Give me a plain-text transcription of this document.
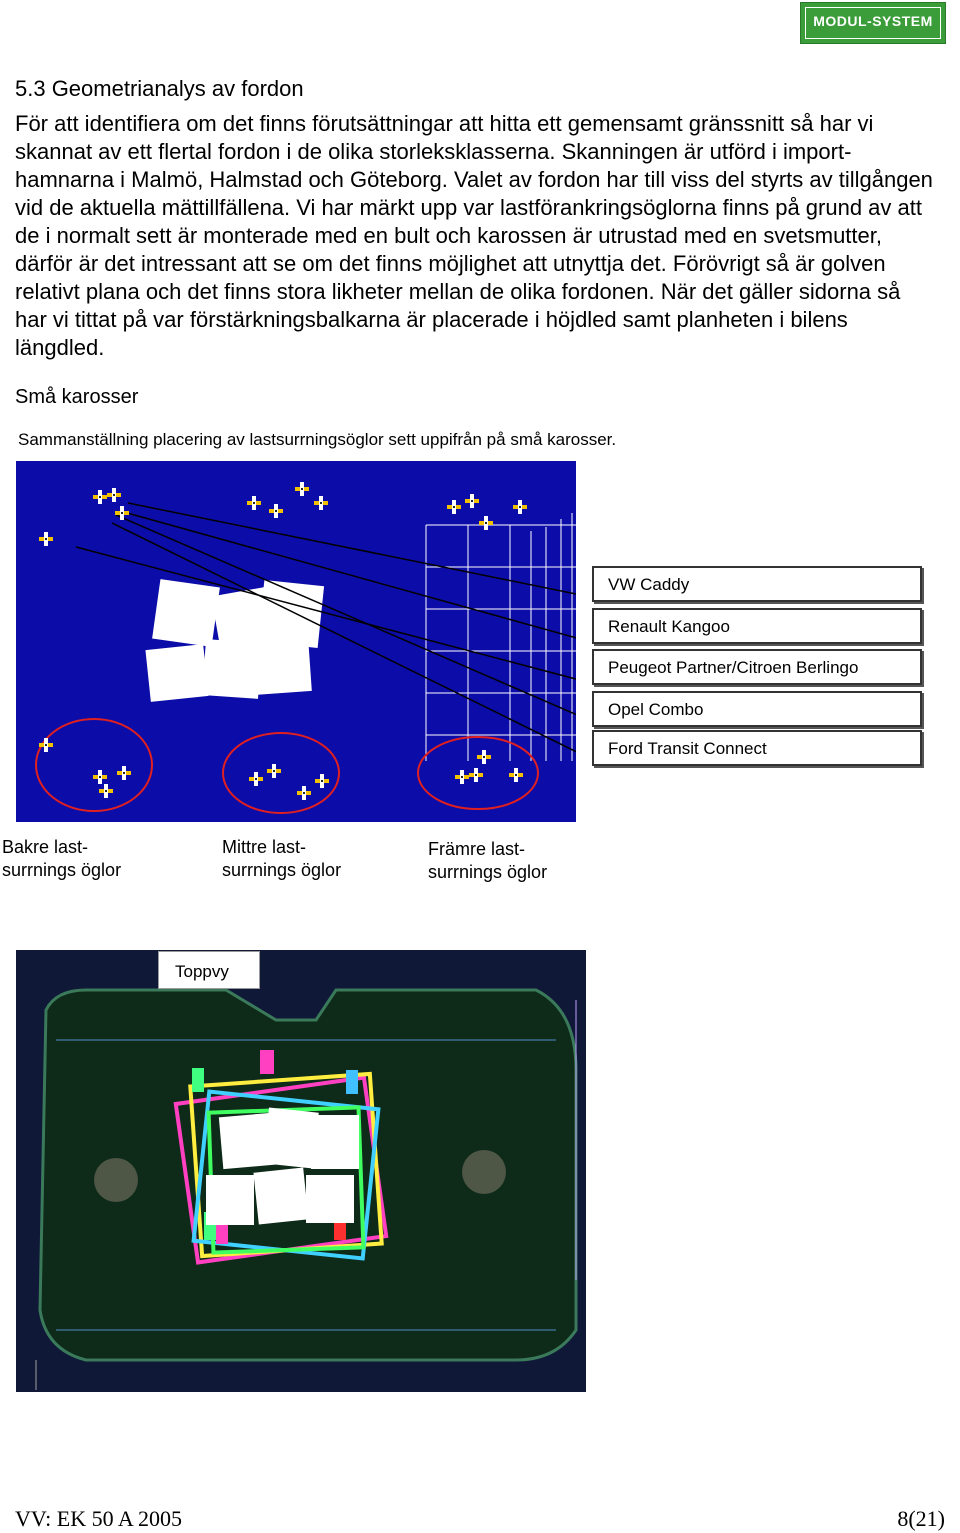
MODUL-SYSTEM
5.3 Geometrianalys av fordon
För att identifiera om det finns förutsättningar att hitta ett gemensamt gränssnitt så har vi skannat av ett flertal fordon i de olika storleksklasserna. Skanningen är utförd i import-hamnarna i Malmö, Halmstad och Göteborg. Valet av fordon har till viss del styrts av tillgången vid de aktuella mättillfällena. Vi har märkt upp var lastförankringsöglorna finns på grund av att de i normalt sett är monterade med en bult och karossen är utrustad med en svetsmutter, därför är det intressant att se om det finns möjlighet att utnyttja det. Förövrigt så är golven relativt plana och det finns stora likheter mellan de olika fordonen. När det gäller sidorna så har vi tittat på var förstärkningsbalkarna är placerade i höjdled samt planheten i bilens längdled.
Små karosser
Sammanställning placering av lastsurrningsöglor sett uppifrån på små karosser.
VW Caddy
Renault Kangoo
Peugeot Partner/Citroen Berlingo
Opel Combo
Ford Transit Connect
Bakre last-
surrnings öglor
Mittre last-
surrnings öglor
Främre last-
surrnings öglor
Toppvy
VV: EK 50 A 2005	8(21)
